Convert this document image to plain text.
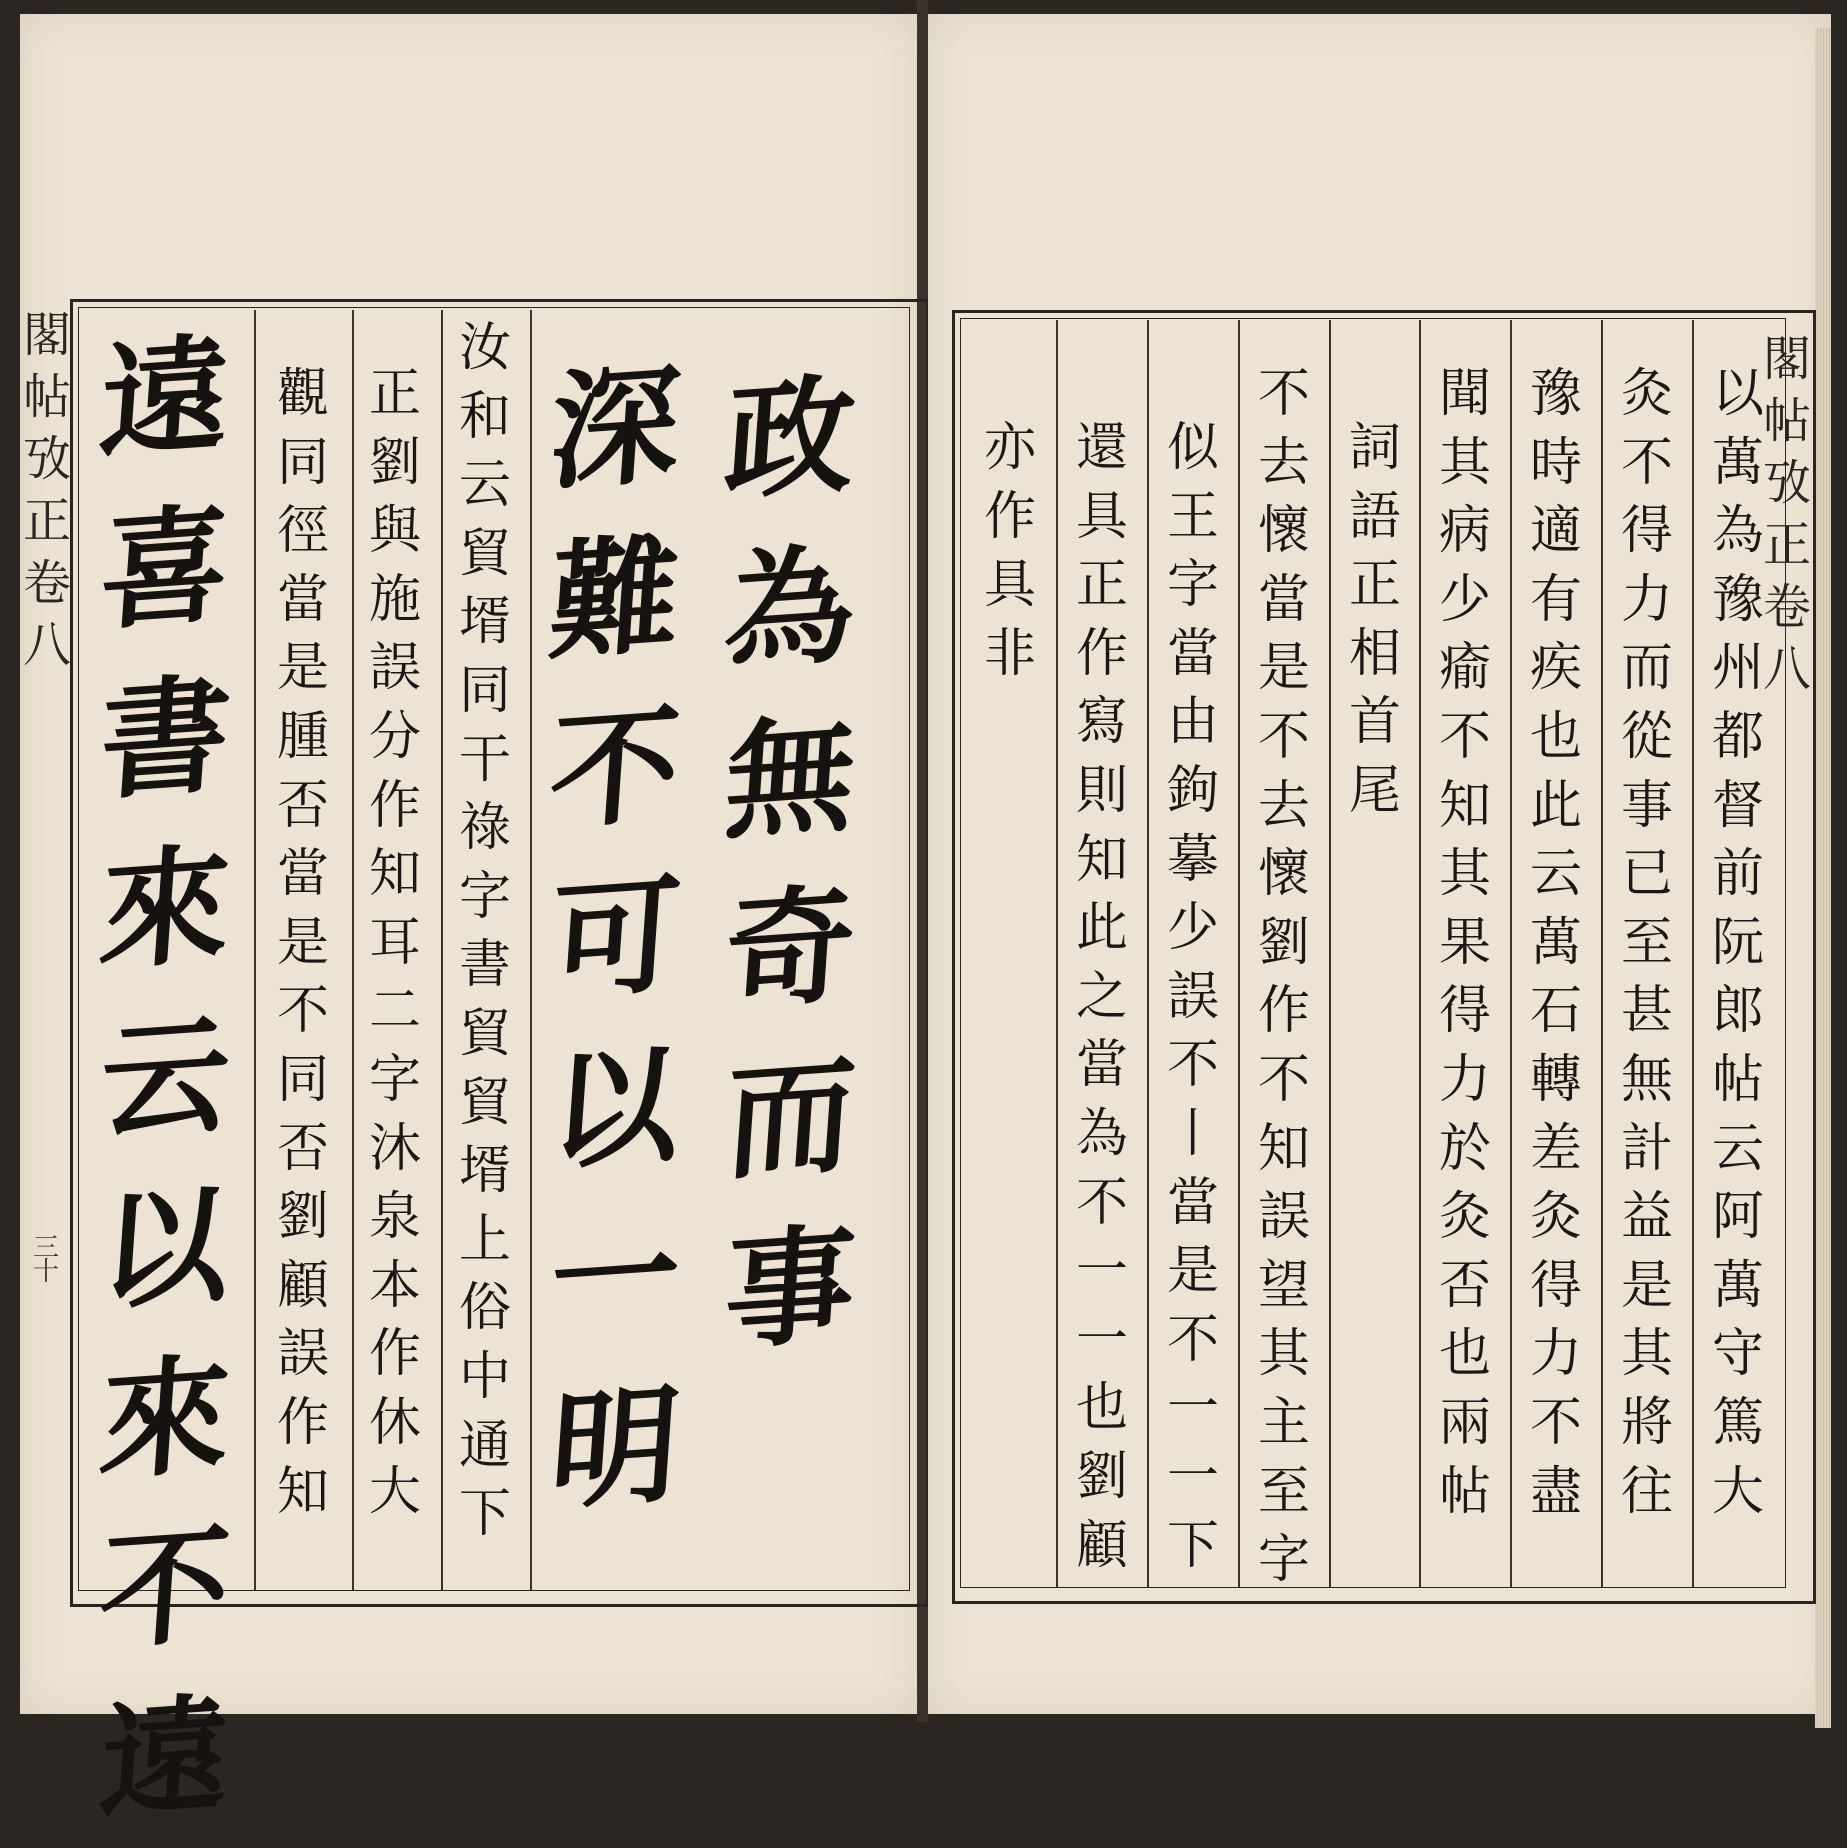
閣
帖
攷
正
卷
八
三
十
遠
喜
書
來
云
以
來
不
遠
觀
同
徑
當
是
腫
否
當
是
不
同
否
劉
顧
誤
作
知
正
劉
與
施
誤
分
作
知
耳
二
字
沐
泉
本
作
休
大
汝
和
云
貿
壻
同
干
祿
字
書
貿
貿
壻
上
俗
中
通
下
深
難
不
可
以
一
明
政
為
無
奇
而
事
閣
帖
攷
正
卷
八
亦
作
具
非
還
具
正
作
寫
則
知
此
之
當
為
不
一
一
也
劉
顧
似
王
字
當
由
鉤
摹
少
誤
不
丨
當
是
不
一
一
下
不
去
懷
當
是
不
去
懷
劉
作
不
知
誤
望
其
主
至
字
詞
語
正
相
首
尾
聞
其
病
少
瘉
不
知
其
果
得
力
於
灸
否
也
兩
帖
豫
時
適
有
疾
也
此
云
萬
石
轉
差
灸
得
力
不
盡
灸
不
得
力
而
從
事
已
至
甚
無
計
益
是
其
將
往
以
萬
為
豫
州
都
督
前
阮
郎
帖
云
阿
萬
守
篤
大
